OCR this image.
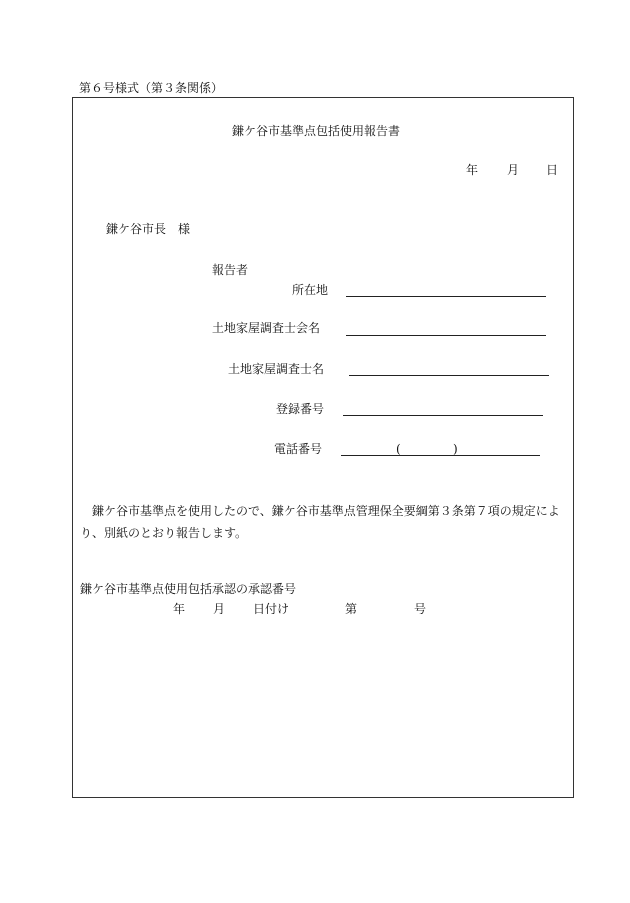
第６号様式（第３条関係）
鎌ケ谷市基準点包括使用報告書
年 月 日
鎌ケ谷市長　様
報告者
所在地
土地家屋調査士会名
土地家屋調査士名
登録番号
電話番号	(	)
鎌ケ谷市基準点を使用したので、鎌ケ谷市基準点管理保全要綱第３条第７項の規定により、別紙のとおり報告します。
鎌ケ谷市基準点使用包括承認の承認番号
年 月 日付け	第	号
